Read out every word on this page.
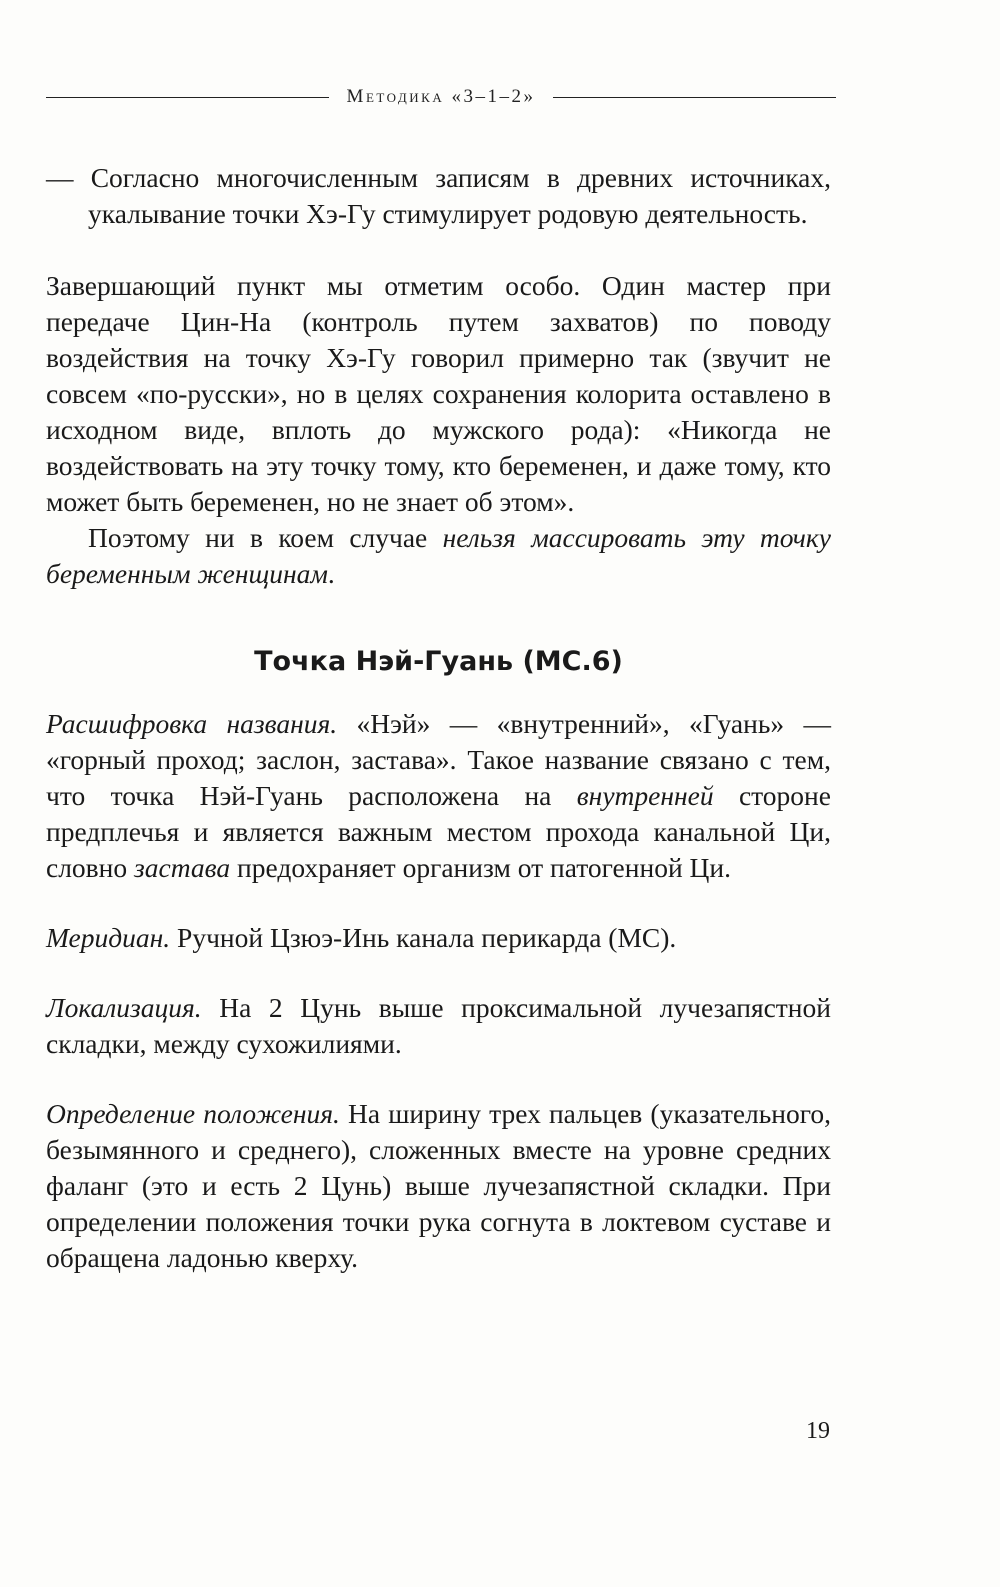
Методика «3–1–2»

— Согласно многочисленным записям в древних источниках, укалывание точки Хэ-Гу стимулирует родовую деятельность.

Завершающий пункт мы отметим особо. Один мастер при передаче Цин-На (контроль путем захватов) по поводу воздействия на точку Хэ-Гу говорил примерно так (звучит не совсем «по-русски», но в целях сохранения колорита оставлено в исходном виде, вплоть до мужского рода): «Никогда не воздействовать на эту точку тому, кто беременен, и даже тому, кто может быть беременен, но не знает об этом».

Поэтому ни в коем случае нельзя массировать эту точку беременным женщинам.

Точка Нэй-Гуань (MC.6)

Расшифровка названия. «Нэй» — «внутренний», «Гуань» — «горный проход; заслон, застава». Такое название связано с тем, что точка Нэй-Гуань расположена на внутренней стороне предплечья и является важным местом прохода канальной Ци, словно застава предохраняет организм от патогенной Ци.

Меридиан. Ручной Цзюэ-Инь канала перикарда (MC).

Локализация. На 2 Цунь выше проксимальной лучезапястной складки, между сухожилиями.

Определение положения. На ширину трех пальцев (указательного, безымянного и среднего), сложенных вместе на уровне средних фаланг (это и есть 2 Цунь) выше лучезапястной складки. При определении положения точки рука согнута в локтевом суставе и обращена ладонью кверху.

19
